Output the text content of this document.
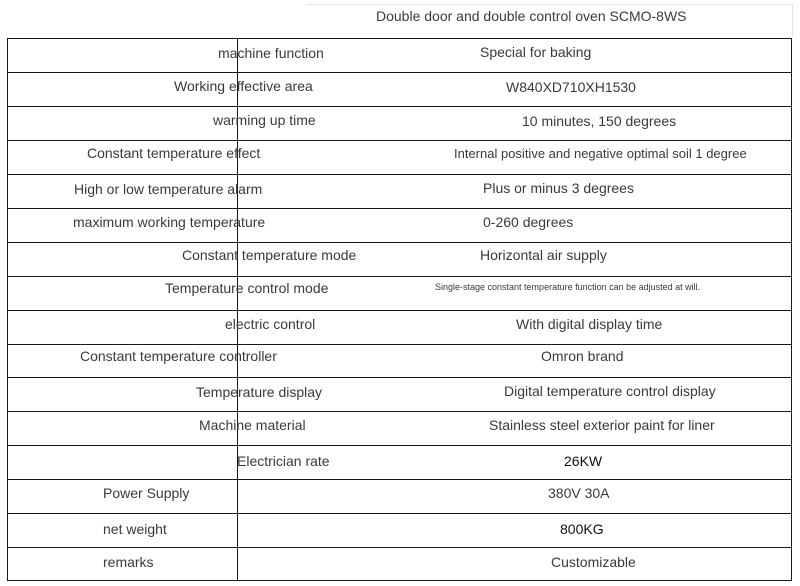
Double door and double control oven SCMO-8WS
machine function	Special for baking
Working effective area	W840XD710XH1530
warming up time	10 minutes, 150 degrees
Constant temperature effect	Internal positive and negative optimal soil 1 degree
High or low temperature alarm	Plus or minus 3 degrees
maximum working temperature	0-260 degrees
Constant temperature mode	Horizontal air supply
Temperature control mode	Single-stage constant temperature function can be adjusted at will.
electric control	With digital display time
Constant temperature controller	Omron brand
Temperature display	Digital temperature control display
Machine material	Stainless steel exterior paint for liner
Electrician rate	26KW
Power Supply	380V 30A
net weight	800KG
remarks	Customizable
